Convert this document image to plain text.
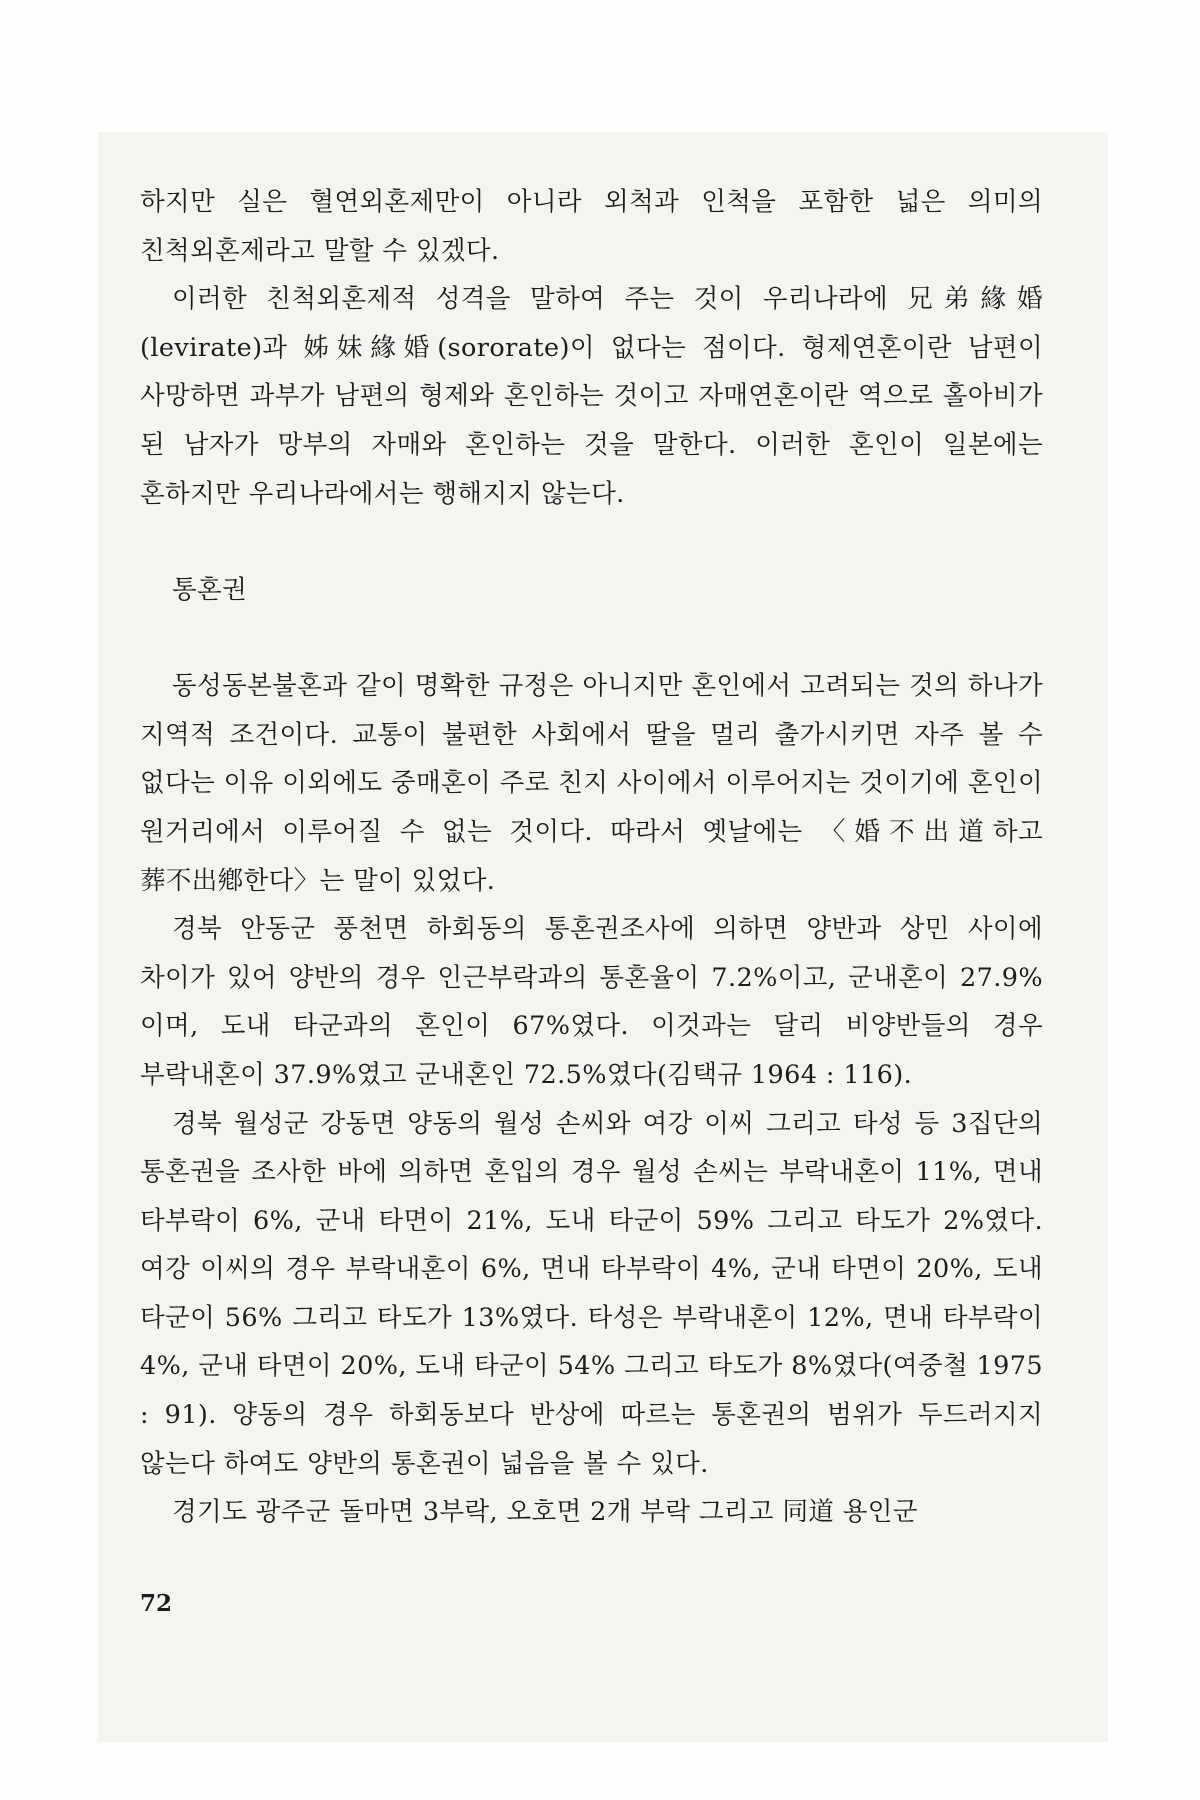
하지만 실은 혈연외혼제만이 아니라 외척과 인척을 포함한 넓은 의미의 친척외혼제라고 말할 수 있겠다.

이러한 친척외혼제적 성격을 말하여 주는 것이 우리나라에 兄弟緣婚(levirate)과 姊妹緣婚(sororate)이 없다는 점이다. 형제연혼이란 남편이 사망하면 과부가 남편의 형제와 혼인하는 것이고 자매연혼이란 역으로 홀아비가 된 남자가 망부의 자매와 혼인하는 것을 말한다. 이러한 혼인이 일본에는 혼하지만 우리나라에서는 행해지지 않는다.

통혼권

동성동본불혼과 같이 명확한 규정은 아니지만 혼인에서 고려되는 것의 하나가 지역적 조건이다. 교통이 불편한 사회에서 딸을 멀리 출가시키면 자주 볼 수 없다는 이유 이외에도 중매혼이 주로 친지 사이에서 이루어지는 것이기에 혼인이 원거리에서 이루어질 수 없는 것이다. 따라서 옛날에는 〈婚不出道하고 葬不出鄕한다〉는 말이 있었다.

경북 안동군 풍천면 하회동의 통혼권조사에 의하면 양반과 상민 사이에 차이가 있어 양반의 경우 인근부락과의 통혼율이 7.2%이고, 군내혼이 27.9%이며, 도내 타군과의 혼인이 67%였다. 이것과는 달리 비양반들의 경우 부락내혼이 37.9%였고 군내혼인 72.5%였다(김택규 1964 : 116).

경북 월성군 강동면 양동의 월성 손씨와 여강 이씨 그리고 타성 등 3집단의 통혼권을 조사한 바에 의하면 혼입의 경우 월성 손씨는 부락내혼이 11%, 면내 타부락이 6%, 군내 타면이 21%, 도내 타군이 59% 그리고 타도가 2%였다. 여강 이씨의 경우 부락내혼이 6%, 면내 타부락이 4%, 군내 타면이 20%, 도내 타군이 56% 그리고 타도가 13%였다. 타성은 부락내혼이 12%, 면내 타부락이 4%, 군내 타면이 20%, 도내 타군이 54% 그리고 타도가 8%였다(여중철 1975 : 91). 양동의 경우 하회동보다 반상에 따르는 통혼권의 범위가 두드러지지 않는다 하여도 양반의 통혼권이 넓음을 볼 수 있다.

경기도 광주군 돌마면 3부락, 오호면 2개 부락 그리고 同道 용인군

72
